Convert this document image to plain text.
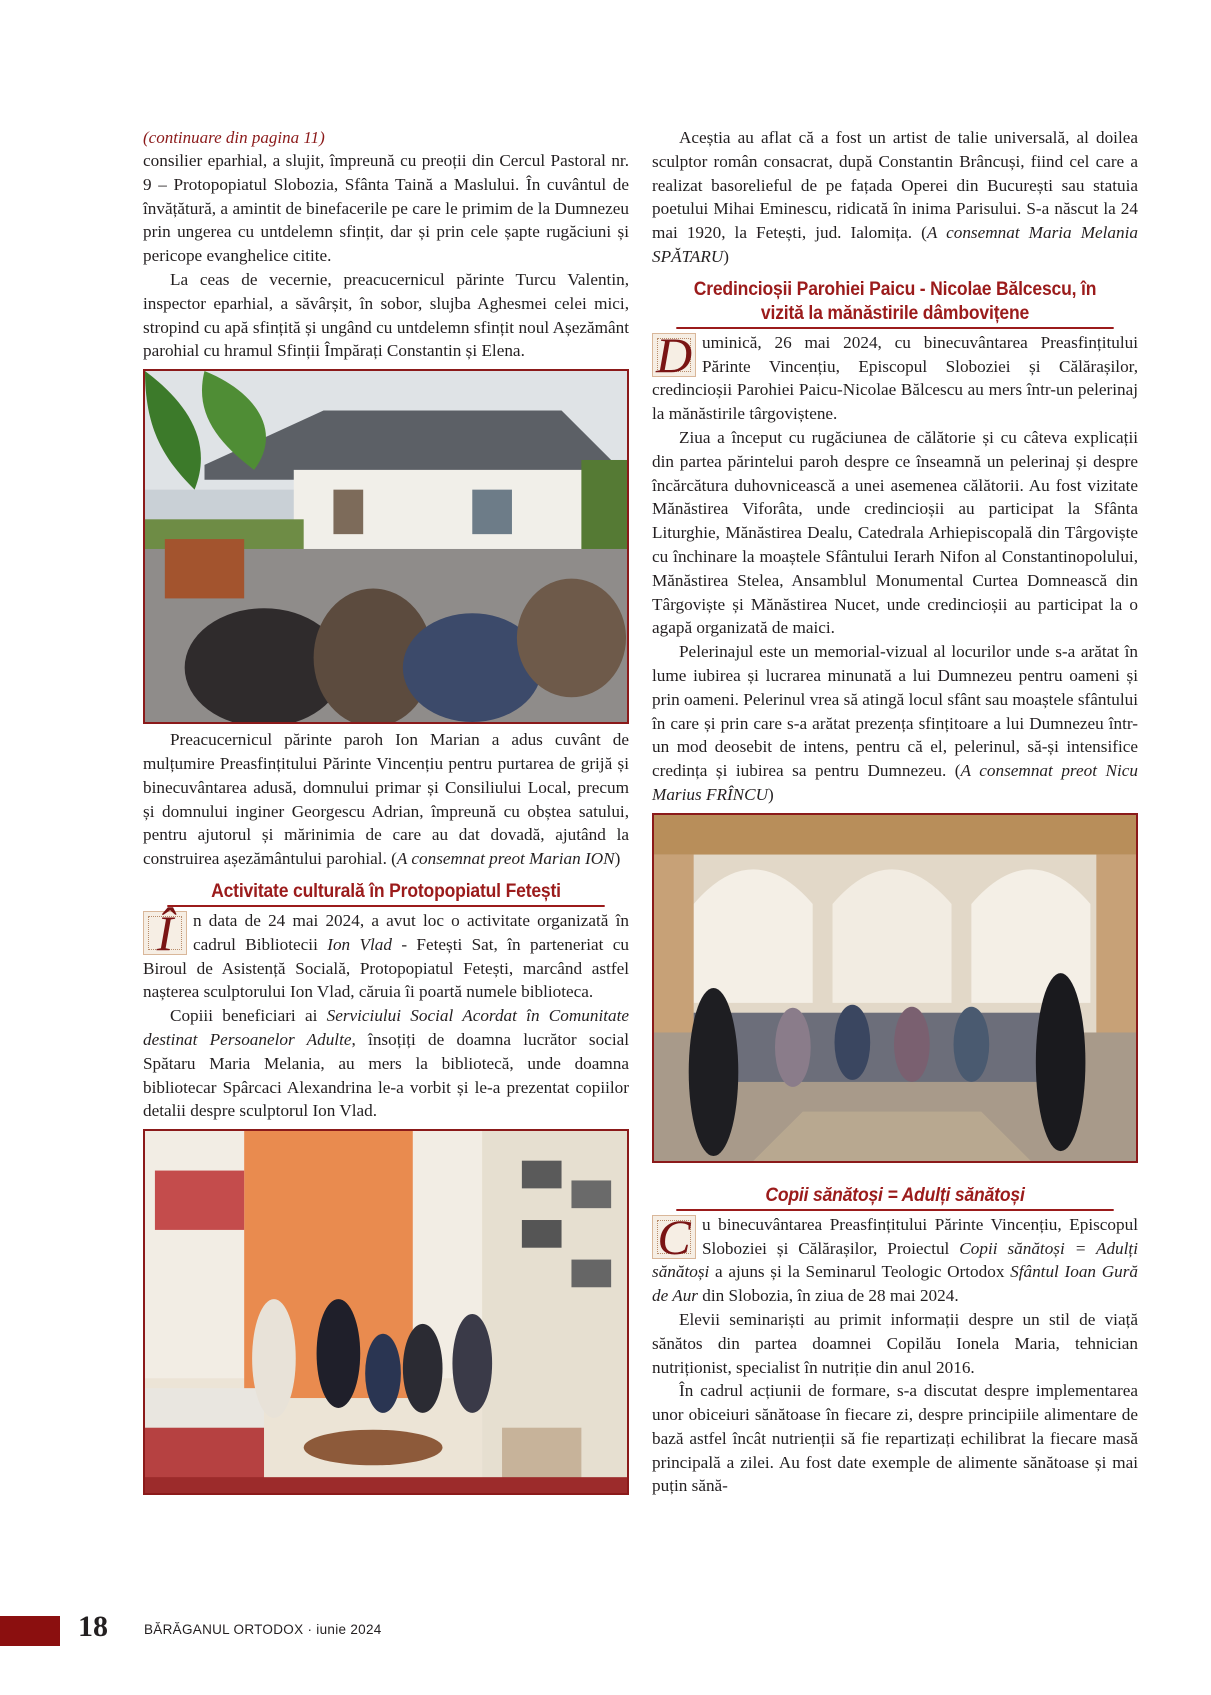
(continuare din pagina 11)

consilier eparhial, a slujit, împreună cu preoții din Cercul Pastoral nr. 9 – Protopopiatul Slobozia, Sfânta Taină a Maslului. În cuvântul de învățătură, a amintit de binefacerile pe care le primim de la Dumnezeu prin ungerea cu untdelemn sfințit, dar și prin cele șapte rugăciuni și pericope evanghelice citite.

La ceas de vecernie, preacucernicul părinte Turcu Valentin, inspector eparhial, a săvârșit, în sobor, slujba Aghesmei celei mici, stropind cu apă sfințită și ungând cu untdelemn sfințit noul Așezământ parohial cu hramul Sfinții Împărați Constantin și Elena.

Preacucernicul părinte paroh Ion Marian a adus cuvânt de mulțumire Preasfințitului Părinte Vincențiu pentru purtarea de grijă și binecuvântarea adusă, domnului primar și Consiliului Local, precum și domnului inginer Georgescu Adrian, împreună cu obștea satului, pentru ajutorul și mărinimia de care au dat dovadă, ajutând la construirea așezământului parohial. (A consemnat preot Marian ION)

Activitate culturală în Protopopiatul Fetești

Î	n data de 24 mai 2024, a avut loc o activitate organizată în cadrul Bibliotecii Ion Vlad - Fetești Sat, în parteneriat cu Biroul de Asistență Socială, Protopopiatul Fetești, marcând astfel nașterea sculptorului Ion Vlad, căruia îi poartă numele biblioteca.

Copiii beneficiari ai Serviciului Social Acordat în Comunitate destinat Persoanelor Adulte, însoțiți de doamna lucrător social Spătaru Maria Melania, au mers la bibliotecă, unde doamna bibliotecar Spârcaci Alexandrina le-a vorbit și le-a prezentat copiilor detalii despre sculptorul Ion Vlad.

Aceștia au aflat că a fost un artist de talie universală, al doilea sculptor român consacrat, după Constantin Brâncuși, fiind cel care a realizat basorelieful de pe fațada Operei din București sau statuia poetului Mihai Eminescu, ridicată în inima Parisului. S-a născut la 24 mai 1920, la Fetești, jud. Ialomița. (A consemnat Maria Melania SPĂTARU)

Credincioșii Parohiei Paicu - Nicolae Bălcescu, în vizită la mănăstirile dâmbovițene

D uminică, 26 mai 2024, cu binecuvântarea Preasfințitului Părinte Vincențiu, Episcopul Sloboziei și Călărașilor, credincioșii Parohiei Paicu-Nicolae Bălcescu au mers într-un pelerinaj la mănăstirile târgoviștene.

Ziua a început cu rugăciunea de călătorie și cu câteva explicații din partea părintelui paroh despre ce înseamnă un pelerinaj și despre încărcătura duhovnicească a unei asemenea călătorii. Au fost vizitate Mănăstirea Viforâta, unde credincioșii au participat la Sfânta Liturghie, Mănăstirea Dealu, Catedrala Arhiepiscopală din Târgoviște cu închinare la moaștele Sfântului Ierarh Nifon al Constantinopolului, Mănăstirea Stelea, Ansamblul Monumental Curtea Domnească din Târgoviște și Mănăstirea Nucet, unde credincioșii au participat la o agapă organizată de maici.

Pelerinajul este un memorial-vizual al locurilor unde s-a arătat în lume iubirea și lucrarea minunată a lui Dumnezeu pentru oameni și prin oameni. Pelerinul vrea să atingă locul sfânt sau moaștele sfântului în care și prin care s-a arătat prezența sfințitoare a lui Dumnezeu într-un mod deosebit de intens, pentru că el, pelerinul, să-și intensifice credința și iubirea sa pentru Dumnezeu. (A consemnat preot Nicu Marius FRÎNCU)

Copii sănătoși = Adulți sănătoși

C u binecuvântarea Preasfințitului Părinte Vincențiu, Episcopul Sloboziei și Călărașilor, Proiectul Copii sănătoși = Adulți sănătoși a ajuns și la Seminarul Teologic Ortodox Sfântul Ioan Gură de Aur din Slobozia, în ziua de 28 mai 2024.

Elevii seminariști au primit informații despre un stil de viață sănătos din partea doamnei Copilău Ionela Maria, tehnician nutriționist, specialist în nutriție din anul 2016.

În cadrul acțiunii de formare, s-a discutat despre implementarea unor obiceiuri sănătoase în fiecare zi, despre principiile alimentare de bază astfel încât nutrienții să fie repartizați echilibrat la fiecare masă principală a zilei. Au fost date exemple de alimente sănătoase și mai puțin sănă-

18	BĂRĂGANUL ORTODOX · iunie 2024
